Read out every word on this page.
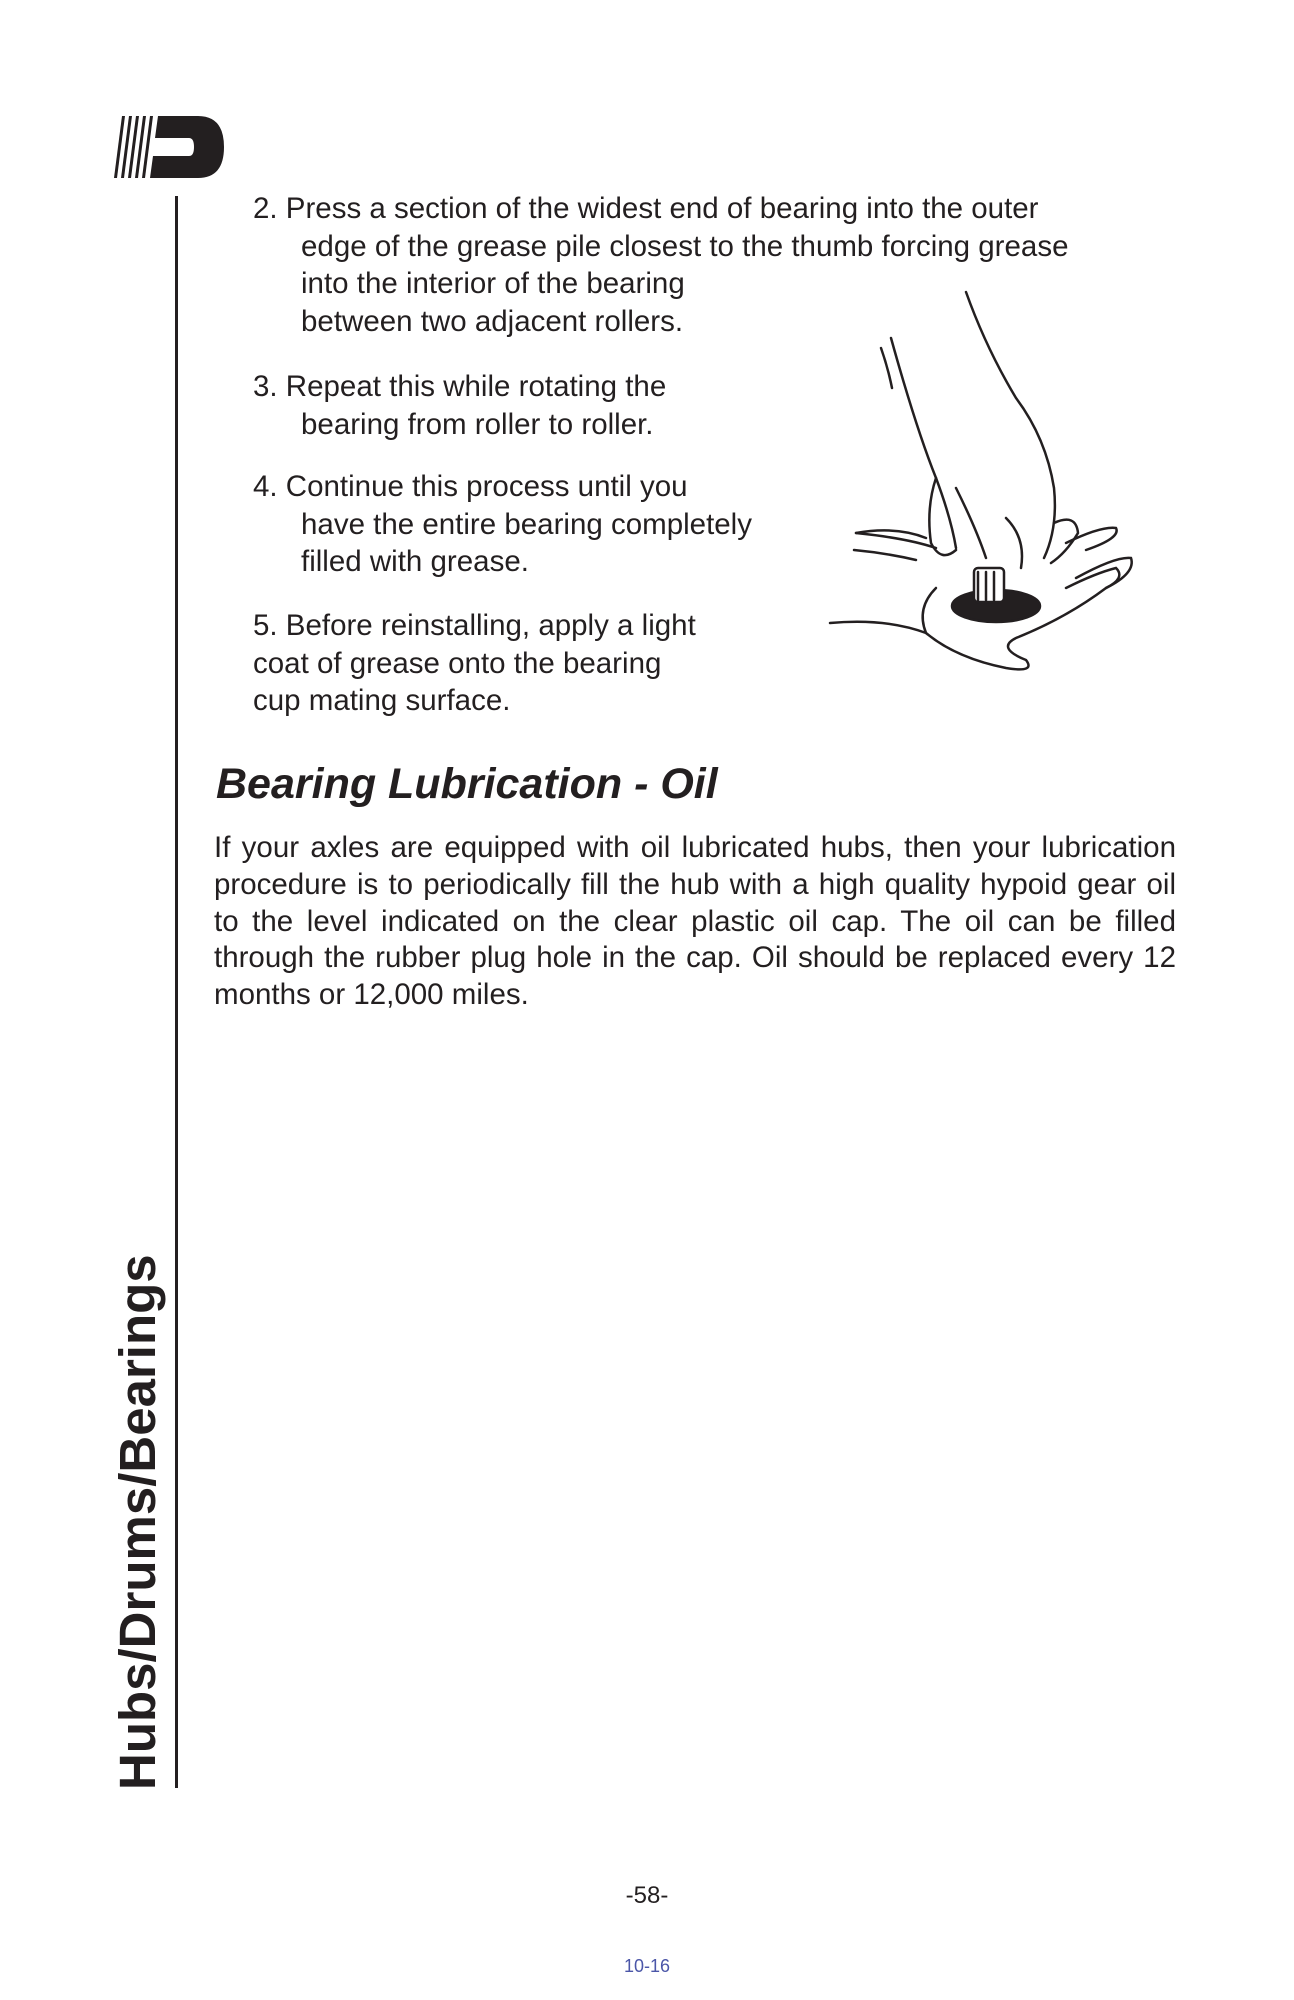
Hubs/Drums/Bearings
2. Press a section of the widest end of bearing into the outer
edge of the grease pile closest to the thumb forcing grease
into the interior of the bearing
between two adjacent rollers.
3. Repeat this while rotating the
bearing from roller to roller.
4. Continue this process until you
have the entire bearing completely
filled with grease.
5. Before reinstalling, apply a light
coat of grease onto the bearing
cup mating surface.
Bearing Lubrication - Oil
If your axles are equipped with oil lubricated hubs, then your lubrication procedure is to periodically fill the hub with a high quality hypoid gear oil to the level indicated on the clear plastic oil cap. The oil can be filled through the rubber plug hole in the cap. Oil should be replaced every 12 months or 12,000 miles.
-58-
10-16
